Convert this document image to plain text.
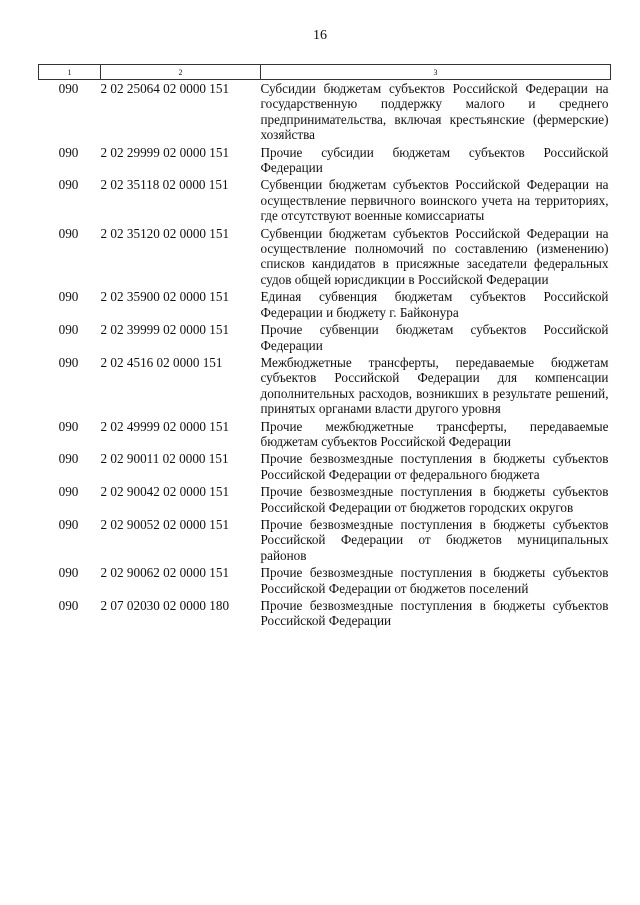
16
1	2	3
090	2 02 25064 02 0000 151	Субсидии бюджетам субъектов Российской Федерации на государственную поддержку малого и среднего предпринимательства, включая крестьянские (фермерские) хозяйства
090	2 02 29999 02 0000 151	Прочие субсидии бюджетам субъектов Российской Федерации
090	2 02 35118 02 0000 151	Субвенции бюджетам субъектов Российской Федерации на осуществление первичного воинского учета на территориях, где отсутствуют военные комиссариаты
090	2 02 35120 02 0000 151	Субвенции бюджетам субъектов Российской Федерации на осуществление полномочий по составлению (изменению) списков кандидатов в присяжные заседатели федеральных судов общей юрисдикции в Российской Федерации
090	2 02 35900 02 0000 151	Единая субвенция бюджетам субъектов Российской Федерации и бюджету г. Байконура
090	2 02 39999 02 0000 151	Прочие субвенции бюджетам субъектов Российской Федерации
090	2 02 4516 02 0000 151	Межбюджетные трансферты, передаваемые бюджетам субъектов Российской Федерации для компенсации дополнительных расходов, возникших в результате решений, принятых органами власти другого уровня
090	2 02 49999 02 0000 151	Прочие межбюджетные трансферты, передаваемые бюджетам субъектов Российской Федерации
090	2 02 90011 02 0000 151	Прочие безвозмездные поступления в бюджеты субъектов Российской Федерации от федерального бюджета
090	2 02 90042 02 0000 151	Прочие безвозмездные поступления в бюджеты субъектов Российской Федерации от бюджетов городских округов
090	2 02 90052 02 0000 151	Прочие безвозмездные поступления в бюджеты субъектов Российской Федерации от бюджетов муниципальных районов
090	2 02 90062 02 0000 151	Прочие безвозмездные поступления в бюджеты субъектов Российской Федерации от бюджетов поселений
090	2 07 02030 02 0000 180	Прочие безвозмездные поступления в бюджеты субъектов Российской Федерации
